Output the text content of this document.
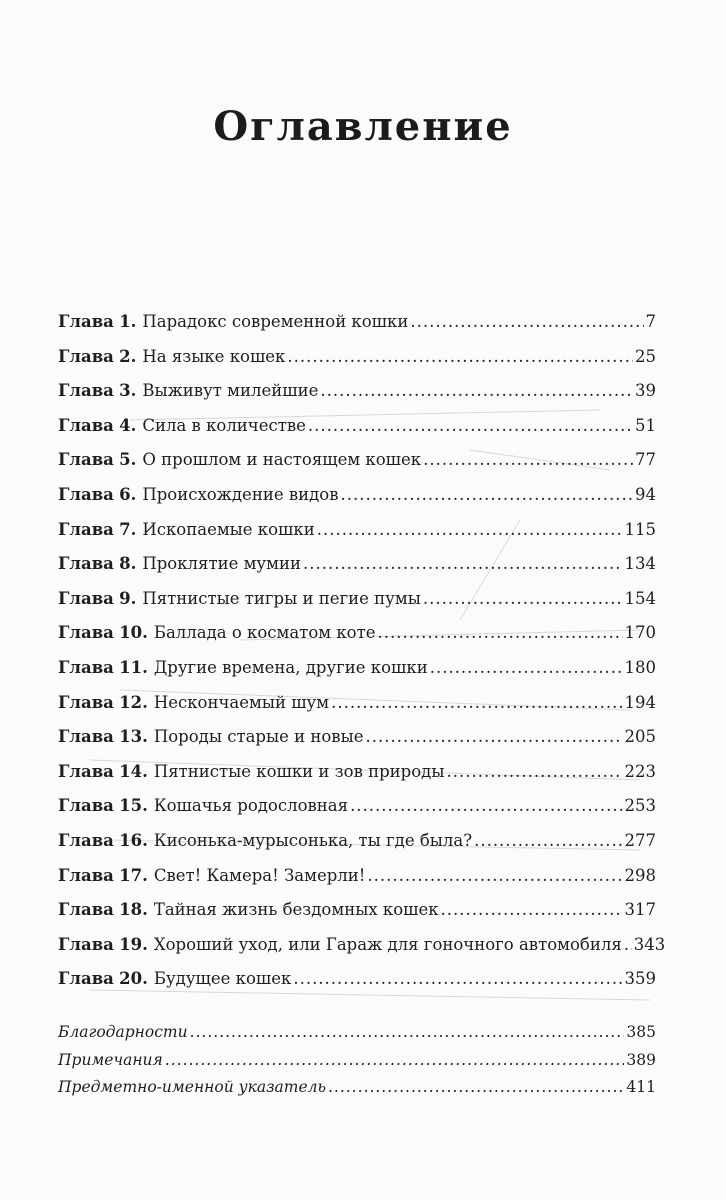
Оглавление
Глава 1. Парадокс современной кошки .....	7
Глава 2. На языке кошек .....	25
Глава 3. Выживут милейшие .....	39
Глава 4. Сила в количестве .....	51
Глава 5. О прошлом и настоящем кошек .....	77
Глава 6. Происхождение видов .....	94
Глава 7. Ископаемые кошки .....	115
Глава 8. Проклятие мумии .....	134
Глава 9. Пятнистые тигры и пегие пумы .....	154
Глава 10. Баллада о косматом коте .....	170
Глава 11. Другие времена, другие кошки .....	180
Глава 12. Нескончаемый шум .....	194
Глава 13. Породы старые и новые .....	205
Глава 14. Пятнистые кошки и зов природы .....	223
Глава 15. Кошачья родословная .....	253
Глава 16. Кисонька-мурысонька, ты где была? .....	277
Глава 17. Свет! Камера! Замерли! .....	298
Глава 18. Тайная жизнь бездомных кошек .....	317
Глава 19. Хороший уход, или Гараж для гоночного автомобиля ..... 343
Глава 20. Будущее кошек .....	359
Благодарности .....	385
Примечания .....	389
Предметно-именной указатель .....	411
